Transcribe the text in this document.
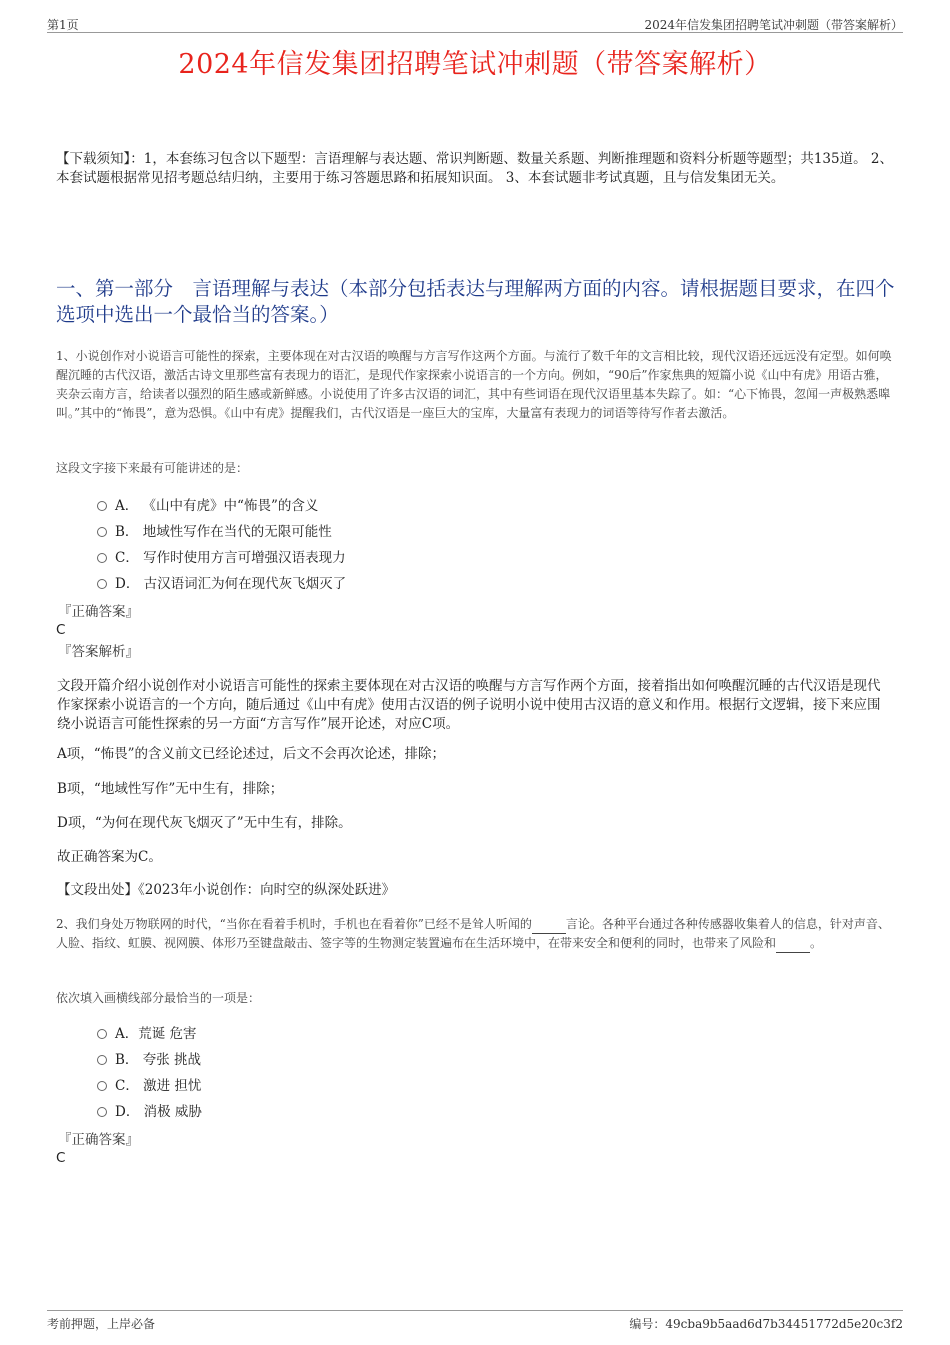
第1页	2024年信发集团招聘笔试冲刺题（带答案解析）
2024年信发集团招聘笔试冲刺题（带答案解析）
【下载须知】：1，本套练习包含以下题型：言语理解与表达题、常识判断题、数量关系题、判断推理题和资料分析题等题型；共135道。 2、本套试题根据常见招考题总结归纳，主要用于练习答题思路和拓展知识面。 3、本套试题非考试真题，且与信发集团无关。
一、第一部分　言语理解与表达（本部分包括表达与理解两方面的内容。请根据题目要求，在四个选项中选出一个最恰当的答案。）
1、小说创作对小说语言可能性的探索，主要体现在对古汉语的唤醒与方言写作这两个方面。与流行了数千年的文言相比较，现代汉语还远远没有定型。如何唤醒沉睡的古代汉语，激活古诗文里那些富有表现力的语汇，是现代作家探索小说语言的一个方向。例如，“90后”作家焦典的短篇小说《山中有虎》用语古雅，夹杂云南方言，给读者以强烈的陌生感或新鲜感。小说使用了许多古汉语的词汇，其中有些词语在现代汉语里基本失踪了。如：“心下怖畏，忽闻一声极熟悉嗥叫。”其中的“怖畏”，意为恐惧。《山中有虎》提醒我们，古代汉语是一座巨大的宝库，大量富有表现力的词语等待写作者去激活。
这段文字接下来最有可能讲述的是：
A． 《山中有虎》中“怖畏”的含义
B． 地域性写作在当代的无限可能性
C． 写作时使用方言可增强汉语表现力
D． 古汉语词汇为何在现代灰飞烟灭了
『正确答案』
C
『答案解析』
文段开篇介绍小说创作对小说语言可能性的探索主要体现在对古汉语的唤醒与方言写作两个方面，接着指出如何唤醒沉睡的古代汉语是现代作家探索小说语言的一个方向，随后通过《山中有虎》使用古汉语的例子说明小说中使用古汉语的意义和作用。根据行文逻辑，接下来应围绕小说语言可能性探索的另一方面“方言写作”展开论述，对应C项。
A项，“怖畏”的含义前文已经论述过，后文不会再次论述，排除；
B项，“地域性写作”无中生有，排除；
D项，“为何在现代灰飞烟灭了”无中生有，排除。
故正确答案为C。
【文段出处】《2023年小说创作：向时空的纵深处跃进》
2、我们身处万物联网的时代，“当你在看着手机时，手机也在看着你”已经不是耸人听闻的	言论。各种平台通过各种传感器收集着人的信息，针对声音、人脸、指纹、虹膜、视网膜、体形乃至键盘敲击、签字等的生物测定装置遍布在生活环境中，在带来安全和便利的同时，也带来了风险和	。
依次填入画横线部分最恰当的一项是：
A．荒诞 危害
B． 夸张 挑战
C． 激进 担忧
D． 消极 威胁
『正确答案』
C
考前押题，上岸必备	编号：49cba9b5aad6d7b34451772d5e20c3f2
